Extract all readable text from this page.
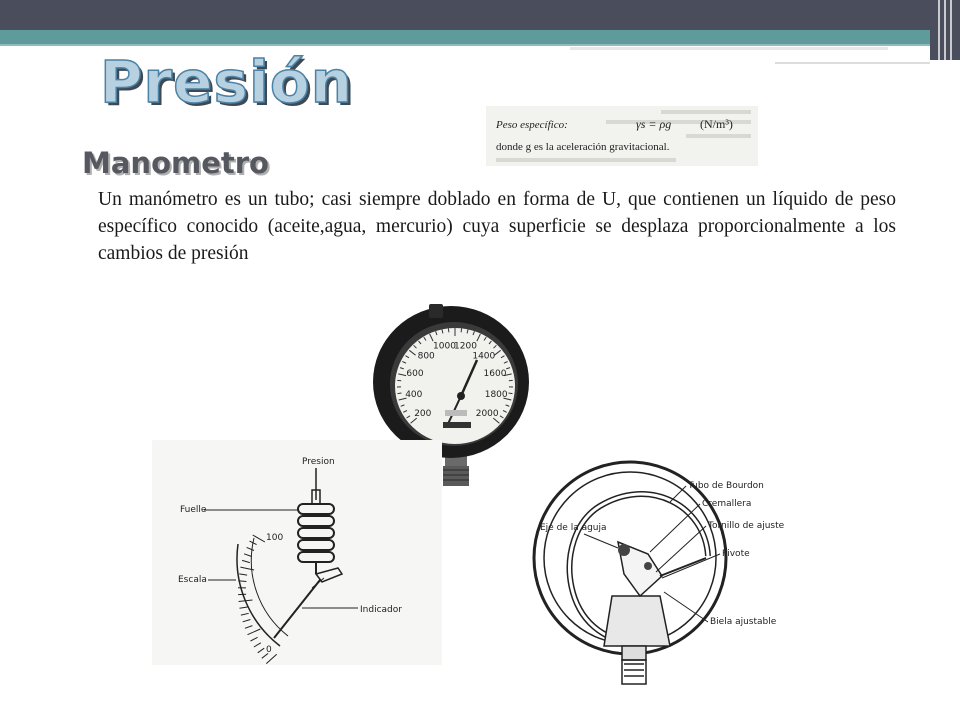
Presión
Manometro
Peso específico:	γs = ρg (N/m³)
donde g es la aceleración gravitacional.
Un manómetro es un tubo; casi siempre doblado en forma de U, que contienen un líquido de peso específico conocido (aceite,agua, mercurio) cuya superficie se desplaza proporcionalmente a los cambios de presión
200
400
600
800
1000
1200
1400
1600
1800
2000
Presion
Fuelle
100
0
Escala
Indicador
Tubo de Bourdon
Cremallera
Tornillo de ajuste
Pivote
Eje de la aguja
Biela ajustable
